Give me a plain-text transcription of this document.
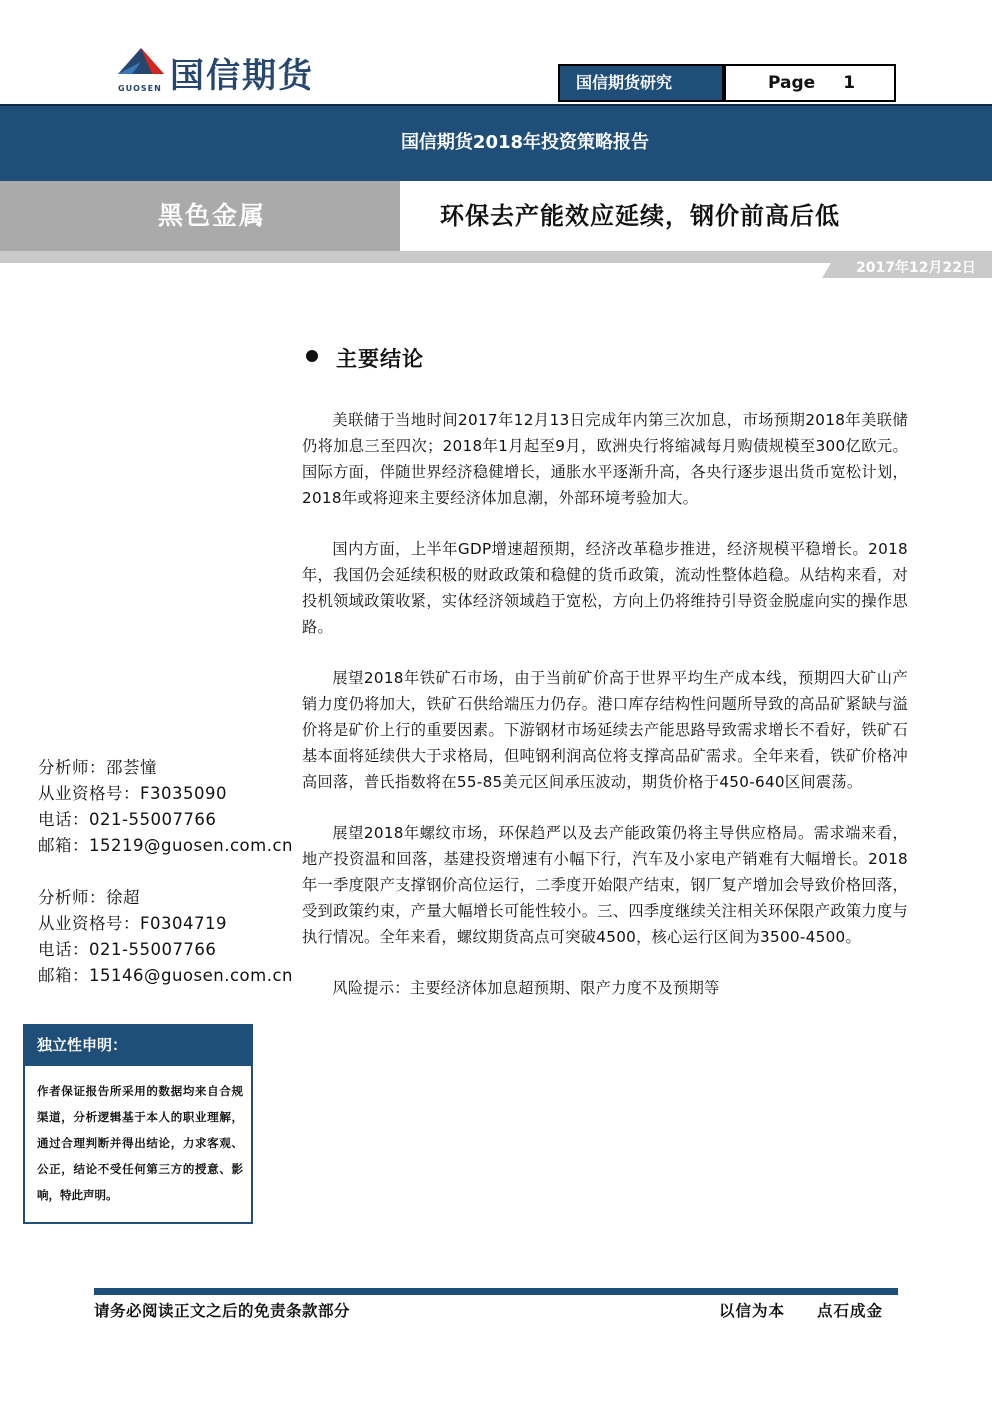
国信期货
GUOSEN	国信期货研究	Page 1
国信期货2018年投资策略报告
黑色金属	环保去产能效应延续，钢价前高后低
2017年12月22日
主要结论

美联储于当地时间2017年12月13日完成年内第三次加息，市场预期2018年美联储仍将加息三至四次；2018年1月起至9月，欧洲央行将缩减每月购债规模至300亿欧元。国际方面，伴随世界经济稳健增长，通胀水平逐渐升高，各央行逐步退出货币宽松计划，2018年或将迎来主要经济体加息潮，外部环境考验加大。

国内方面，上半年GDP增速超预期，经济改革稳步推进，经济规模平稳增长。2018年，我国仍会延续积极的财政政策和稳健的货币政策，流动性整体趋稳。从结构来看，对投机领域政策收紧，实体经济领域趋于宽松，方向上仍将维持引导资金脱虚向实的操作思路。

展望2018年铁矿石市场，由于当前矿价高于世界平均生产成本线，预期四大矿山产销力度仍将加大，铁矿石供给端压力仍存。港口库存结构性问题所导致的高品矿紧缺与溢价将是矿价上行的重要因素。下游钢材市场延续去产能思路导致需求增长不看好，铁矿石基本面将延续供大于求格局，但吨钢利润高位将支撑高品矿需求。全年来看，铁矿价格冲高回落，普氏指数将在55-85美元区间承压波动，期货价格于450-640区间震荡。

展望2018年螺纹市场，环保趋严以及去产能政策仍将主导供应格局。需求端来看，地产投资温和回落，基建投资增速有小幅下行，汽车及小家电产销难有大幅增长。2018年一季度限产支撑钢价高位运行，二季度开始限产结束，钢厂复产增加会导致价格回落，受到政策约束，产量大幅增长可能性较小。三、四季度继续关注相关环保限产政策力度与执行情况。全年来看，螺纹期货高点可突破4500，核心运行区间为3500-4500。

风险提示：主要经济体加息超预期、限产力度不及预期等

分析师：邵荟憧
从业资格号：F3035090
电话：021-55007766
邮箱：15219@guosen.com.cn
分析师：徐超
从业资格号：F0304719
电话：021-55007766
邮箱：15146@guosen.com.cn
独立性申明：
作者保证报告所采用的数据均来自合规渠道，分析逻辑基于本人的职业理解，通过合理判断并得出结论，力求客观、公正，结论不受任何第三方的授意、影响，特此声明。
请务必阅读正文之后的免责条款部分	以信为本 点石成金
